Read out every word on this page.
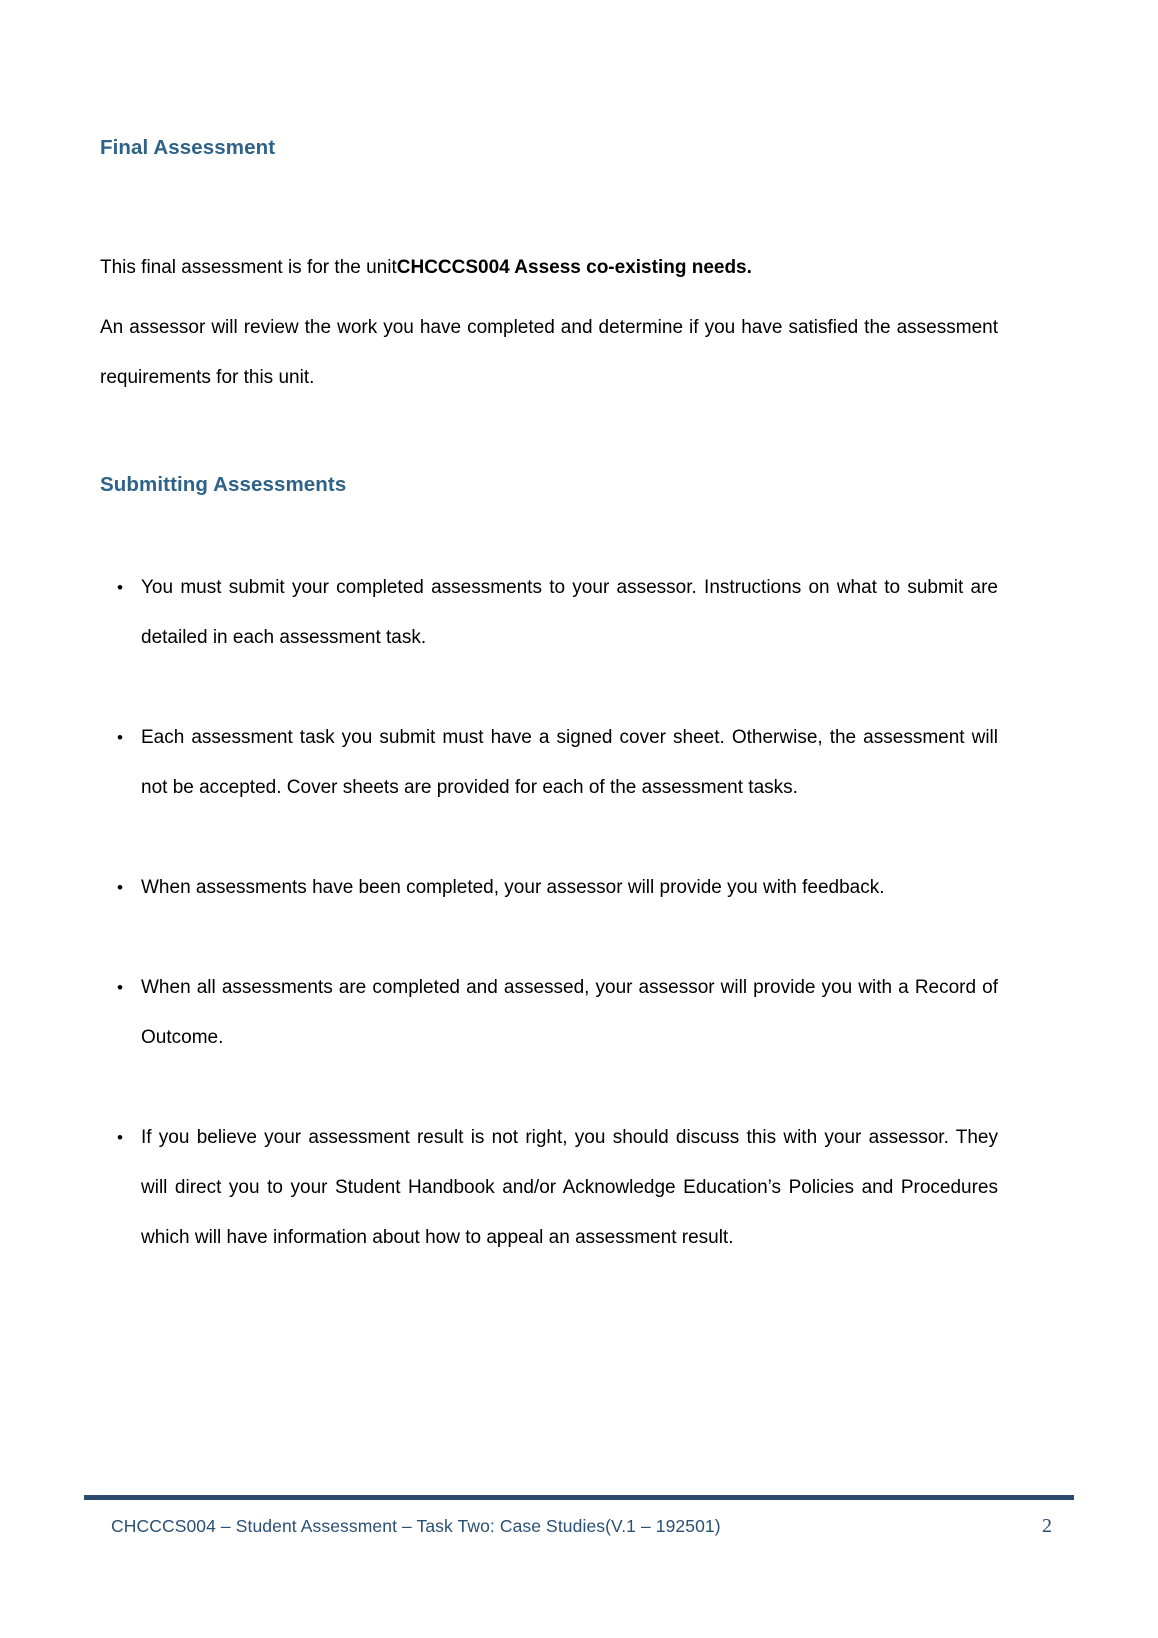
Final Assessment

This final assessment is for the unitCHCCCS004 Assess co-existing needs.

An assessor will review the work you have completed and determine if you have satisfied the assessment requirements for this unit.

Submitting Assessments
• You must submit your completed assessments to your assessor. Instructions on what to submit are detailed in each assessment task.
• Each assessment task you submit must have a signed cover sheet. Otherwise, the assessment will not be accepted. Cover sheets are provided for each of the assessment tasks.
• When assessments have been completed, your assessor will provide you with feedback.
• When all assessments are completed and assessed, your assessor will provide you with a Record of Outcome.
• If you believe your assessment result is not right, you should discuss this with your assessor. They will direct you to your Student Handbook and/or Acknowledge Education’s Policies and Procedures which will have information about how to appeal an assessment result.
CHCCCS004 – Student Assessment – Task Two: Case Studies(V.1 – 192501)	2
